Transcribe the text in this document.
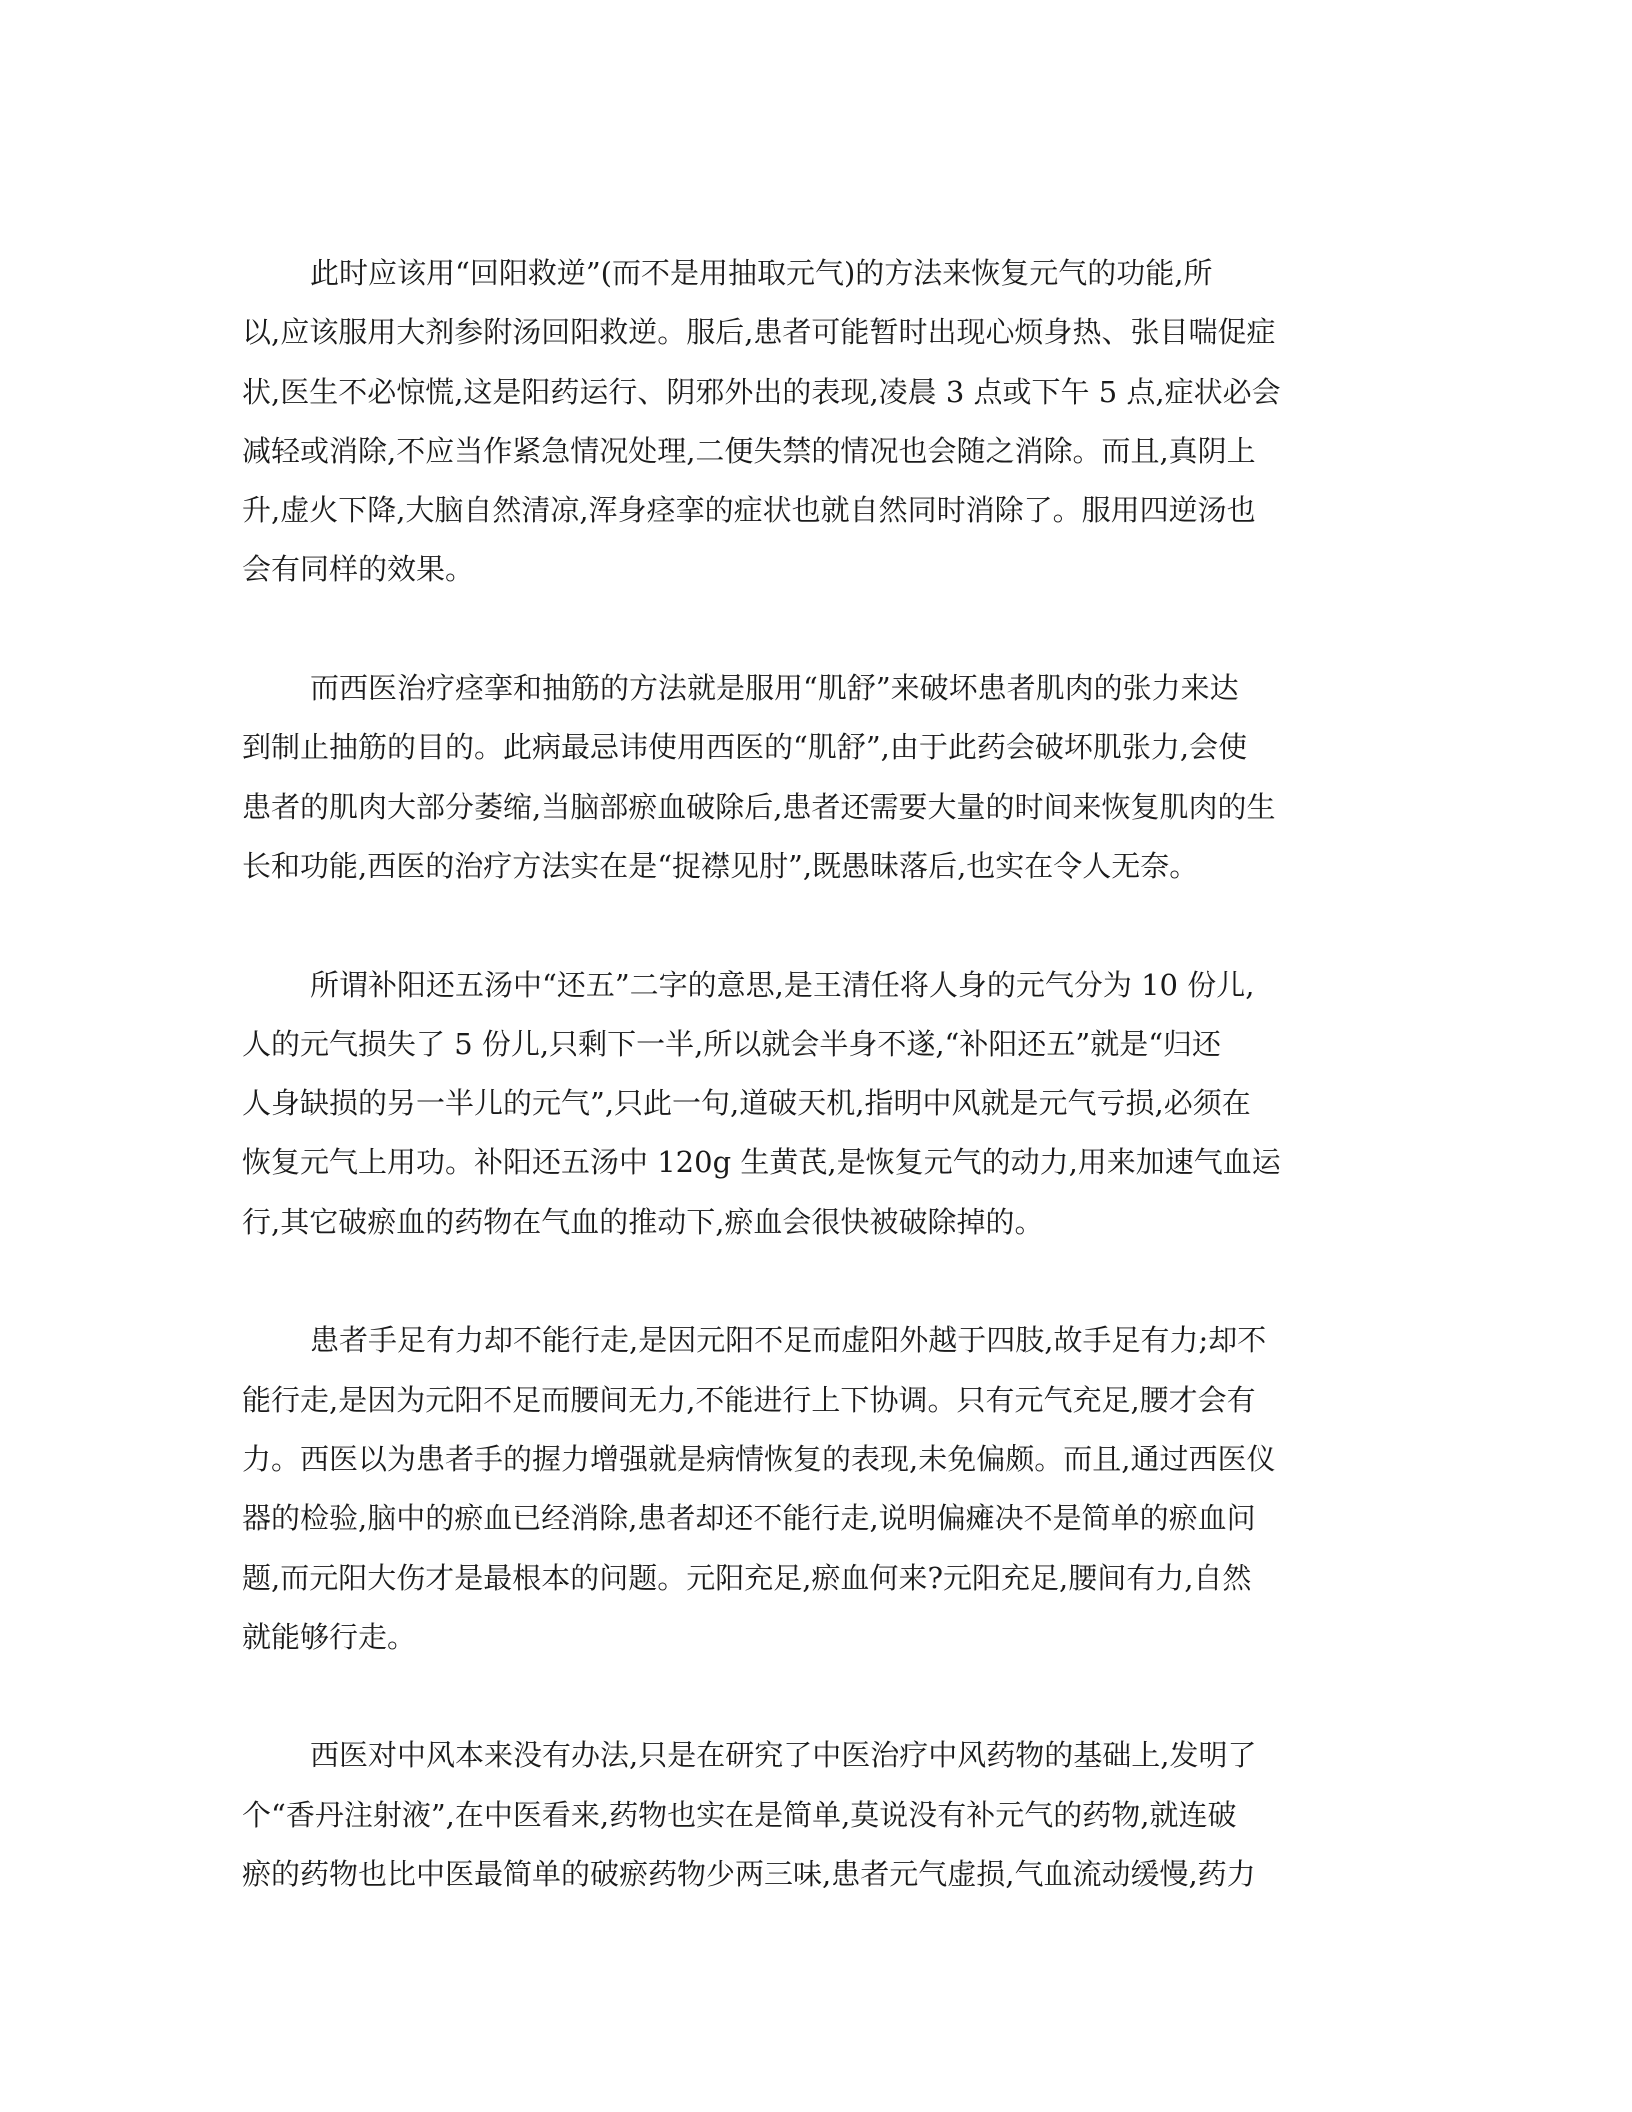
此时应该用“回阳救逆”(而不是用抽取元气)的方法来恢复元气的功能,所
以,应该服用大剂参附汤回阳救逆。服后,患者可能暂时出现心烦身热、张目喘促症
状,医生不必惊慌,这是阳药运行、阴邪外出的表现,凌晨 3 点或下午 5 点,症状必会
减轻或消除,不应当作紧急情况处理,二便失禁的情况也会随之消除。而且,真阴上
升,虚火下降,大脑自然清凉,浑身痉挛的症状也就自然同时消除了。服用四逆汤也
会有同样的效果。
而西医治疗痉挛和抽筋的方法就是服用“肌舒”来破坏患者肌肉的张力来达
到制止抽筋的目的。此病最忌讳使用西医的“肌舒”,由于此药会破坏肌张力,会使
患者的肌肉大部分萎缩,当脑部瘀血破除后,患者还需要大量的时间来恢复肌肉的生
长和功能,西医的治疗方法实在是“捉襟见肘”,既愚昧落后,也实在令人无奈。
所谓补阳还五汤中“还五”二字的意思,是王清任将人身的元气分为 10 份儿,
人的元气损失了 5 份儿,只剩下一半,所以就会半身不遂,“补阳还五”就是“归还
人身缺损的另一半儿的元气”,只此一句,道破天机,指明中风就是元气亏损,必须在
恢复元气上用功。补阳还五汤中 120g 生黄芪,是恢复元气的动力,用来加速气血运
行,其它破瘀血的药物在气血的推动下,瘀血会很快被破除掉的。
患者手足有力却不能行走,是因元阳不足而虚阳外越于四肢,故手足有力;却不
能行走,是因为元阳不足而腰间无力,不能进行上下协调。只有元气充足,腰才会有
力。西医以为患者手的握力增强就是病情恢复的表现,未免偏颇。而且,通过西医仪
器的检验,脑中的瘀血已经消除,患者却还不能行走,说明偏瘫决不是简单的瘀血问
题,而元阳大伤才是最根本的问题。元阳充足,瘀血何来?元阳充足,腰间有力,自然
就能够行走。
西医对中风本来没有办法,只是在研究了中医治疗中风药物的基础上,发明了
个“香丹注射液”,在中医看来,药物也实在是简单,莫说没有补元气的药物,就连破
瘀的药物也比中医最简单的破瘀药物少两三味,患者元气虚损,气血流动缓慢,药力
